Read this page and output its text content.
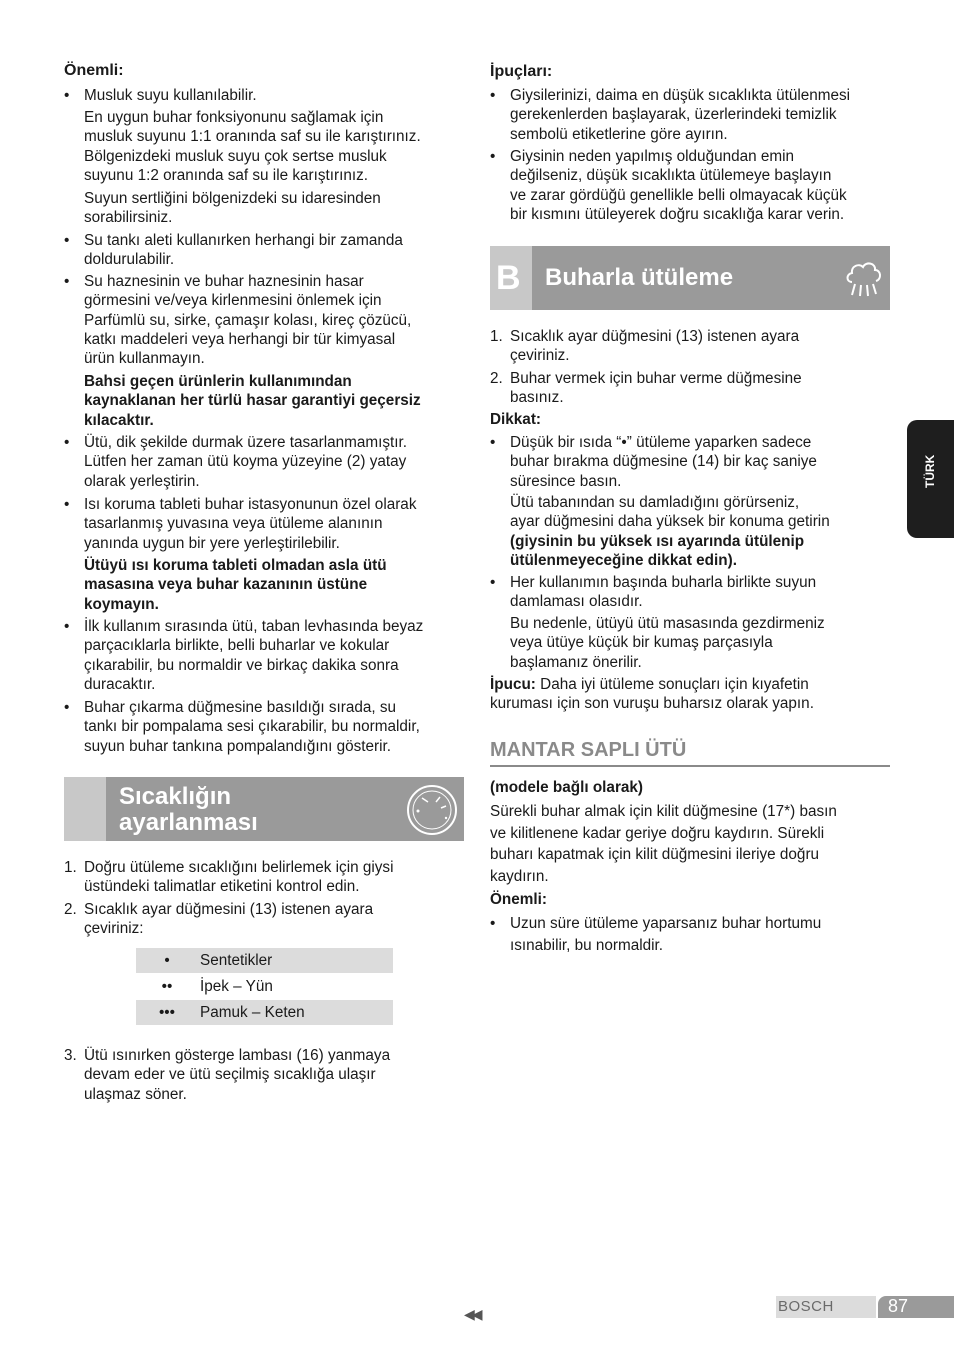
Önemli:
• Musluk suyu kullanılabilir.
En uygun buhar fonksiyonunu sağlamak için
musluk suyunu 1:1 oranında saf su ile karıştırınız.
Bölgenizdeki musluk suyu çok sertse musluk
suyunu 1:2 oranında saf su ile karıştırınız.
Suyun sertliğini bölgenizdeki su idaresinden
sorabilirsiniz.
• Su tankı aleti kullanırken herhangi bir zamanda
doldurulabilir.
• Su haznesinin ve buhar haznesinin hasar
görmesini ve/veya kirlenmesini önlemek için
Parfümlü su, sirke, çamaşır kolası, kireç çözücü,
katkı maddeleri veya herhangi bir tür kimyasal
ürün kullanmayın.
Bahsi geçen ürünlerin kullanımından
kaynaklanan her türlü hasar garantiyi geçersiz
kılacaktır.
• Ütü, dik şekilde durmak üzere tasarlanmamıştır.
Lütfen her zaman ütü koyma yüzeyine (2) yatay
olarak yerleştirin.
• Isı koruma tableti buhar istasyonunun özel olarak
tasarlanmış yuvasına veya ütüleme alanının
yanında uygun bir yere yerleştirilebilir.
Ütüyü ısı koruma tableti olmadan asla ütü
masasına veya buhar kazanının üstüne
koymayın.
• İlk kullanım sırasında ütü, taban levhasında beyaz
parçacıklarla birlikte, belli buharlar ve kokular
çıkarabilir, bu normaldir ve birkaç dakika sonra
duracaktır.
• Buhar çıkarma düğmesine basıldığı sırada, su
tankı bir pompalama sesi çıkarabilir, bu normaldir,
suyun buhar tankına pompalandığını gösterir.
Sıcaklığın
ayarlanması
1. Doğru ütüleme sıcaklığını belirlemek için giysi
üstündeki talimatlar etiketini kontrol edin.
2. Sıcaklık ayar düğmesini (13) istenen ayara
çeviriniz:
•	Sentetikler
••	İpek – Yün
•••	Pamuk – Keten
3. Ütü ısınırken gösterge lambası (16) yanmaya
devam eder ve ütü seçilmiş sıcaklığa ulaşır
ulaşmaz söner.
İpuçları:
• Giysilerinizi, daima en düşük sıcaklıkta ütülenmesi
gerekenlerden başlayarak, üzerlerindeki temizlik
sembolü etiketlerine göre ayırın.
• Giysinin neden yapılmış olduğundan emin
değilseniz, düşük sıcaklıkta ütülemeye başlayın
ve zarar gördüğü genellikle belli olmayacak küçük
bir kısmını ütüleyerek doğru sıcaklığa karar verin.
B Buharla ütüleme
1. Sıcaklık ayar düğmesini (13) istenen ayara
çeviriniz.
2. Buhar vermek için buhar verme düğmesine
basınız.
Dikkat:
• Düşük bir ısıda “•” ütüleme yaparken sadece
buhar bırakma düğmesine (14) bir kaç saniye
süresince basın.
Ütü tabanından su damladığını görürseniz,
ayar düğmesini daha yüksek bir konuma getirin
(giysinin bu yüksek ısı ayarında ütülenip
ütülenmeyeceğine dikkat edin).
• Her kullanımın başında buharla birlikte suyun
damlaması olasıdır.
Bu nedenle, ütüyü ütü masasında gezdirmeniz
veya ütüye küçük bir kumaş parçasıyla
başlamanız önerilir.
İpucu: Daha iyi ütüleme sonuçları için kıyafetin
kuruması için son vuruşu buharsız olarak yapın.
MANTAR SAPLI ÜTÜ
(modele bağlı olarak)
Sürekli buhar almak için kilit düğmesine (17*) basın
ve kilitlenene kadar geriye doğru kaydırın. Sürekli
buharı kapatmak için kilit düğmesini ileriye doğru
kaydırın.
Önemli:
• Uzun süre ütüleme yaparsanız buhar hortumu
ısınabilir, bu normaldir.
TÜRK
BOSCH	87
◀◀
